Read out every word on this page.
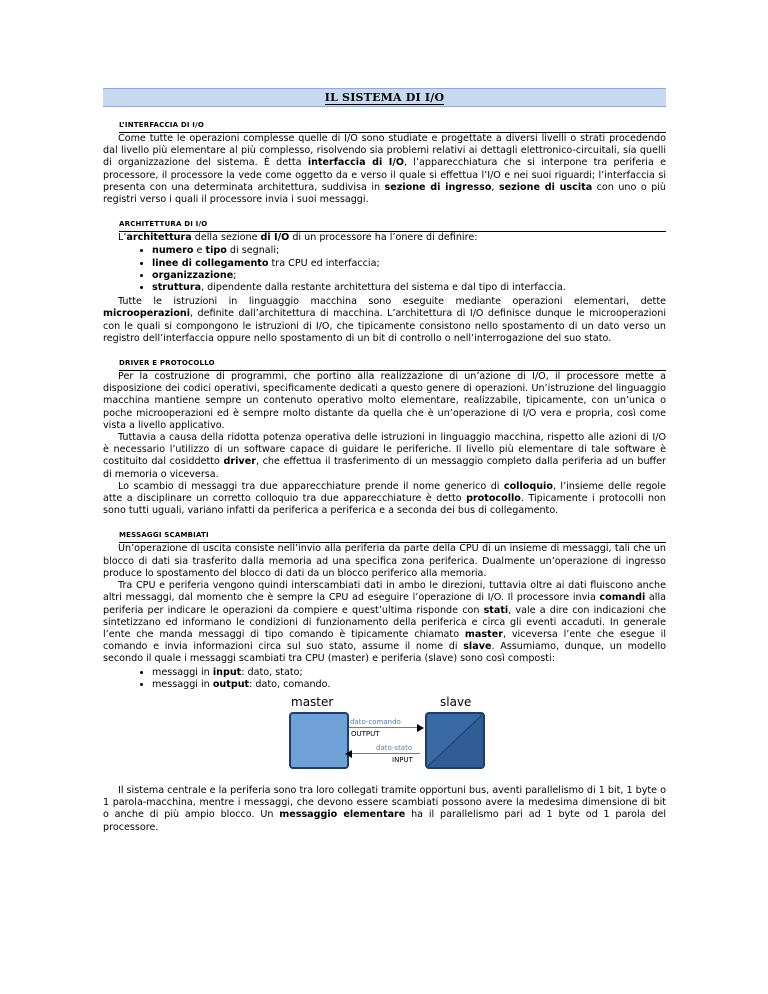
IL SISTEMA DI I/O
L’INTERFACCIA DI I/O

Come tutte le operazioni complesse quelle di I/O sono studiate e progettate a diversi livelli o strati procedendo dal livello più elementare al più complesso, risolvendo sia problemi relativi ai dettagli elettronico-circuitali, sia quelli di organizzazione del sistema. È detta interfaccia di I/O, l’apparecchiatura che si interpone tra periferia e processore, il processore la vede come oggetto da e verso il quale si effettua l’I/O e nei suoi riguardi; l’interfaccia si presenta con una determinata architettura, suddivisa in sezione di ingresso, sezione di uscita con uno o più registri verso i quali il processore invia i suoi messaggi.

ARCHITETTURA DI I/O

L’architettura della sezione di I/O di un processore ha l’onere di definire:

• numero e tipo di segnali;
• linee di collegamento tra CPU ed interfaccia;
• organizzazione;
• struttura, dipendente dalla restante architettura del sistema e dal tipo di interfaccia.

Tutte le istruzioni in linguaggio macchina sono eseguite mediante operazioni elementari, dette microoperazioni, definite dall’architettura di macchina. L’architettura di I/O definisce dunque le microoperazioni con le quali si compongono le istruzioni di I/O, che tipicamente consistono nello spostamento di un dato verso un registro dell’interfaccia oppure nello spostamento di un bit di controllo o nell’interrogazione del suo stato.

DRIVER E PROTOCOLLO

Per la costruzione di programmi, che portino alla realizzazione di un’azione di I/O, il processore mette a disposizione dei codici operativi, specificamente dedicati a questo genere di operazioni. Un’istruzione del linguaggio macchina mantiene sempre un contenuto operativo molto elementare, realizzabile, tipicamente, con un’unica o poche microoperazioni ed è sempre molto distante da quella che è un’operazione di I/O vera e propria, così come vista a livello applicativo.

Tuttavia a causa della ridotta potenza operativa delle istruzioni in linguaggio macchina, rispetto alle azioni di I/O è necessario l’utilizzo di un software capace di guidare le periferiche. Il livello più elementare di tale software è costituito dal cosiddetto driver, che effettua il trasferimento di un messaggio completo dalla periferia ad un buffer di memoria o viceversa.

Lo scambio di messaggi tra due apparecchiature prende il nome generico di colloquio, l’insieme delle regole atte a disciplinare un corretto colloquio tra due apparecchiature è detto protocollo. Tipicamente i protocolli non sono tutti uguali, variano infatti da periferica a periferica e a seconda dei bus di collegamento.

MESSAGGI SCAMBIATI

Un’operazione di uscita consiste nell’invio alla periferia da parte della CPU di un insieme di messaggi, tali che un blocco di dati sia trasferito dalla memoria ad una specifica zona periferica. Dualmente un’operazione di ingresso produce lo spostamento del blocco di dati da un blocco periferico alla memoria.

Tra CPU e periferia vengono quindi interscambiati dati in ambo le direzioni, tuttavia oltre ai dati fluiscono anche altri messaggi, dal momento che è sempre la CPU ad eseguire l’operazione di I/O. Il processore invia comandi alla periferia per indicare le operazioni da compiere e quest’ultima risponde con stati, vale a dire con indicazioni che sintetizzano ed informano le condizioni di funzionamento della periferica e circa gli eventi accaduti. In generale l’ente che manda messaggi di tipo comando è tipicamente chiamato master, viceversa l’ente che esegue il comando e invia informazioni circa sul suo stato, assume il nome di slave. Assumiamo, dunque, un modello secondo il quale i messaggi scambiati tra CPU (master) e periferia (slave) sono così composti:

• messaggi in input: dato, stato;
• messaggi in output: dato, comando.
master	slave
dato-comando
OUTPUT
dato-stato
INPUT

Il sistema centrale e la periferia sono tra loro collegati tramite opportuni bus, aventi parallelismo di 1 bit, 1 byte o 1 parola-macchina, mentre i messaggi, che devono essere scambiati possono avere la medesima dimensione di bit o anche di più ampio blocco. Un messaggio elementare ha il parallelismo pari ad 1 byte od 1 parola del processore.
